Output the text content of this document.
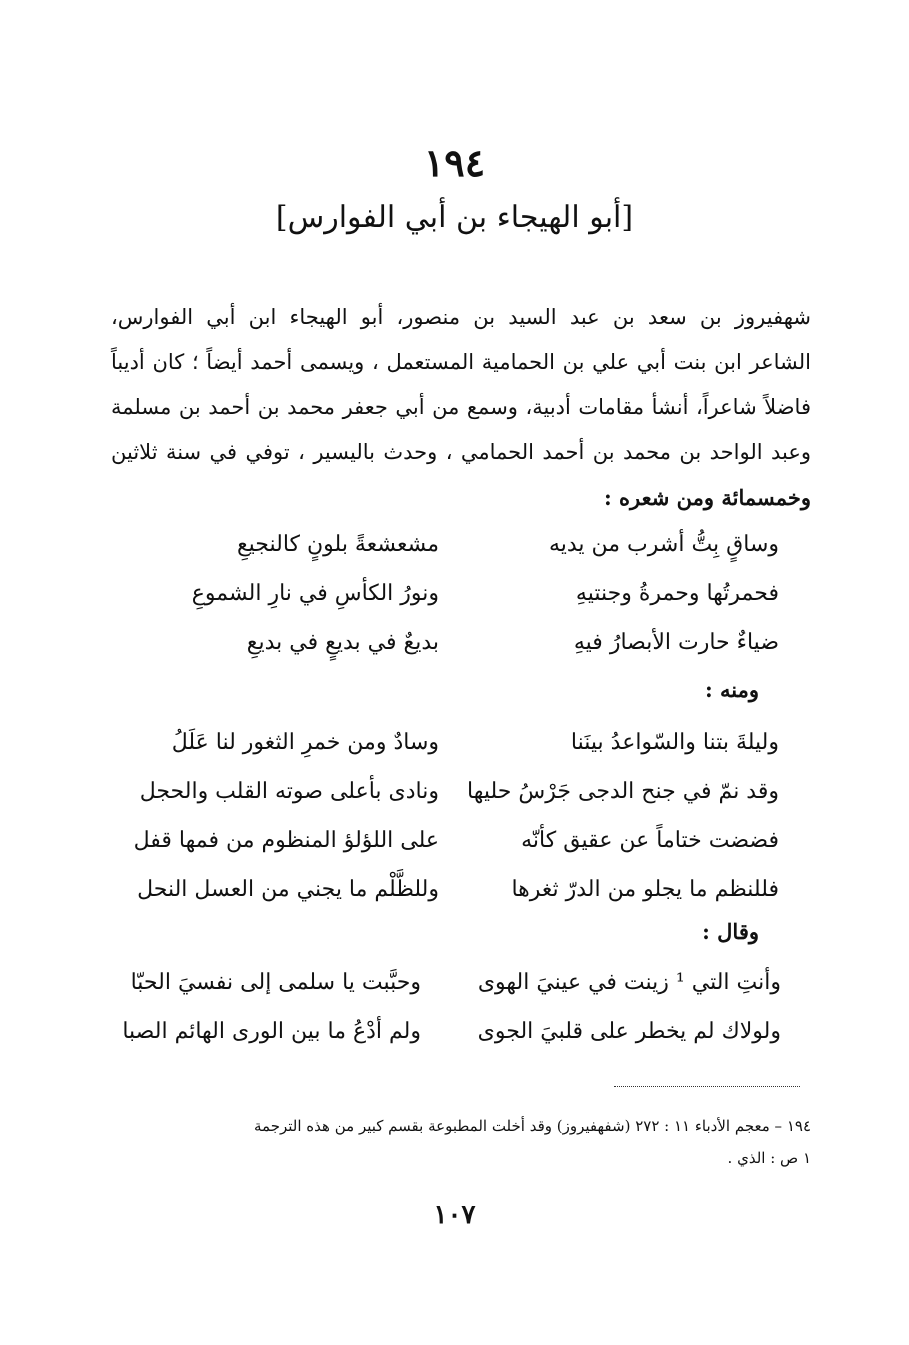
١٩٤
[أبو الهيجاء بن أبي الفوارس]
شهفيروز بن سعد بن عبد السيد بن منصور، أبو الهيجاء ابن أبي الفوارس،
الشاعر ابن بنت أبي علي بن الحمامية المستعمل ، ويسمى أحمد أيضاً ؛ كان أديباً
فاضلاً شاعراً، أنشأ مقامات أدبية، وسمع من أبي جعفر محمد بن أحمد بن مسلمة
وعبد الواحد بن محمد بن أحمد الحمامي ، وحدث باليسير ، توفي في سنة ثلاثين
وخمسمائة ومن شعره :
وساقٍ بِتُّ أشرب من يديه
مشعشعةً بلونٍ كالنجيعِ
فحمرتُها وحمرةُ وجنتيهِ
ونورُ الكأسِ في نارِ الشموعِ
ضياءٌ حارت الأبصارُ فيهِ
بديعٌ في بديعٍ في بديعِ
ومنه :
وليلةَ بتنا والسّواعدُ بينَنا
وسادٌ ومن خمرِ الثغور لنا عَلَلُ
وقد نمّ في جنح الدجى جَرْسُ حليها
ونادى بأعلى صوته القلب والحجل
فضضت ختاماً عن عقيق كأنّه
على اللؤلؤ المنظوم من فمها قفل
فللنظم ما يجلو من الدرّ ثغرها
وللظَّلْم ما يجني من العسل النحل
وقال :
وأنتِ التي ¹ زينت في عينيَ الهوى
وحبَّبت يا سلمى إلى نفسيَ الحبّا
ولولاك لم يخطر على قلبيَ الجوى
ولم أدْعُ ما بين الورى الهائم الصبا
١٩٤ – معجم الأدباء ١١ : ٢٧٢ (شفهفيروز) وقد أخلت المطبوعة بقسم كبير من هذه الترجمة
١ ص : الذي .
١٠٧
